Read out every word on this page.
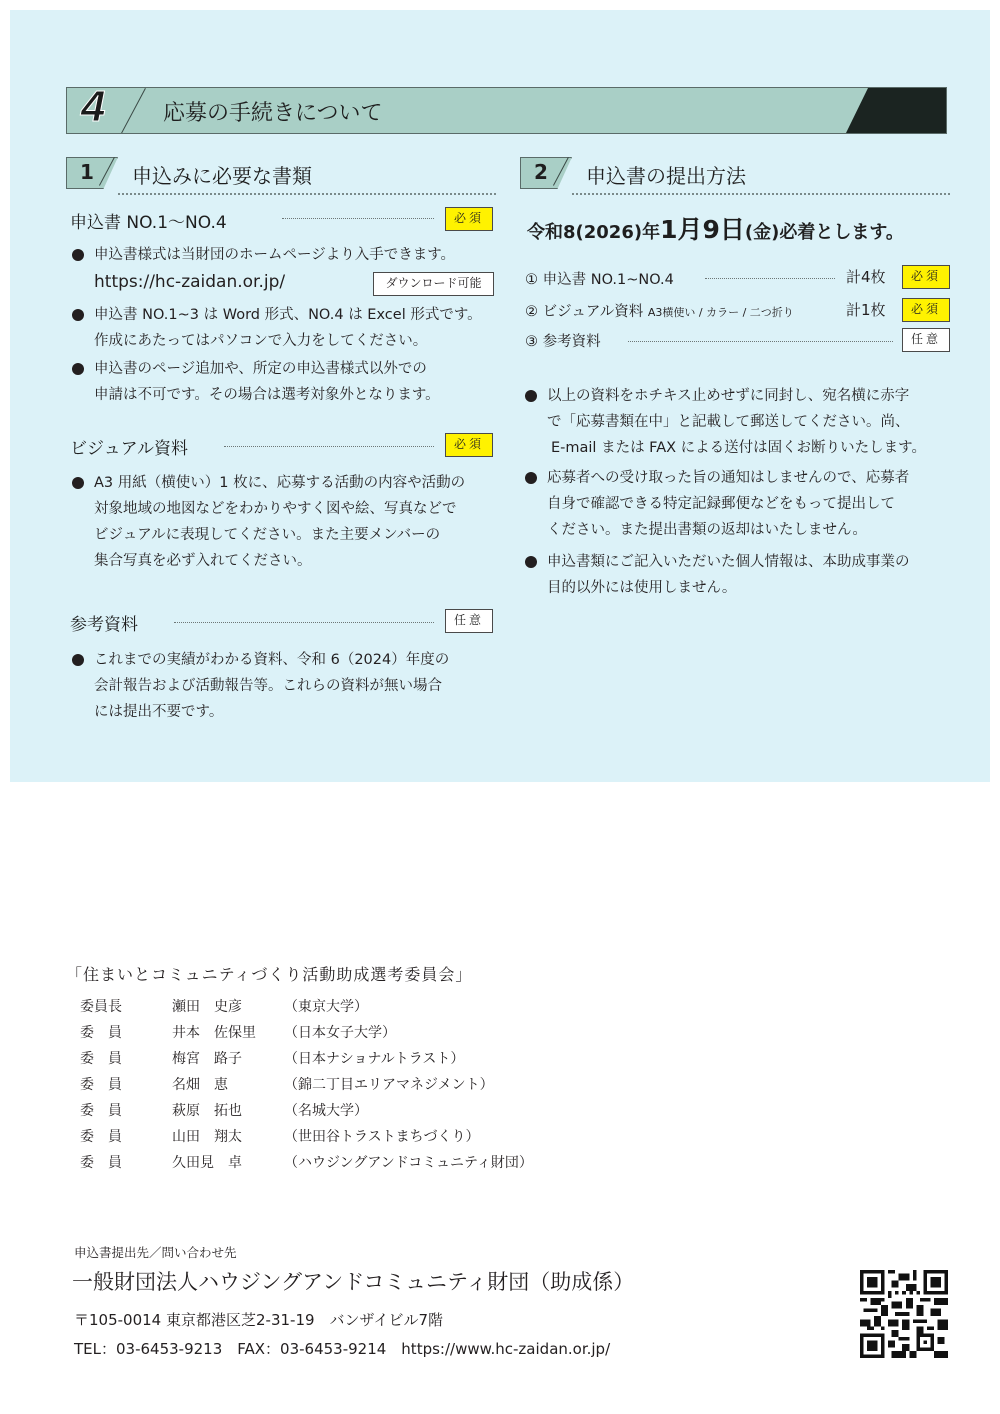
4	応募の手続きについて
1 申込みに必要な書類	2 申込書の提出方法
申込書 NO.1〜NO.4	必須
申込書様式は当財団のホームページより入手できます。
https://hc-zaidan.or.jp/	ダウンロード可能
申込書 NO.1~3 は Word 形式、NO.4 は Excel 形式です。
作成にあたってはパソコンで入力をしてください。
申込書のページ追加や、所定の申込書様式以外での
申請は不可です。その場合は選考対象外となります。
ビジュアル資料	必須
A3 用紙（横使い）1 枚に、応募する活動の内容や活動の
対象地域の地図などをわかりやすく図や絵、写真などで
ビジュアルに表現してください。また主要メンバーの
集合写真を必ず入れてください。
参考資料	任意
これまでの実績がわかる資料、令和 6（2024）年度の
会計報告および活動報告等。これらの資料が無い場合
には提出不要です。
令和8(2026)年1月9日(金)必着とします。
① 申込書 NO.1~NO.4	計4枚	必須
② ビジュアル資料 A3横使い / カラー / 二つ折り	計1枚	必須
③ 参考資料	任意
以上の資料をホチキス止めせずに同封し、宛名横に赤字
で「応募書類在中」と記載して郵送してください。尚、
E-mail または FAX による送付は固くお断りいたします。
応募者への受け取った旨の通知はしませんので、応募者
自身で確認できる特定記録郵便などをもって提出して
ください。また提出書類の返却はいたしません。
申込書類にご記入いただいた個人情報は、本助成事業の
目的以外には使用しません。
「住まいとコミュニティづくり活動助成選考委員会」
委員長	瀬田　史彦	（東京大学）
委　員	井本　佐保里 （日本女子大学）
委　員	梅宮　路子	（日本ナショナルトラスト）
委　員	名畑　恵	（錦二丁目エリアマネジメント）
委　員	萩原　拓也	（名城大学）
委　員	山田　翔太	（世田谷トラストまちづくり）
委　員	久田見　卓	（ハウジングアンドコミュニティ財団）
申込書提出先／問い合わせ先
一般財団法人ハウジングアンドコミュニティ財団（助成係）
〒105-0014 東京都港区芝2-31-19　バンザイビル7階
TEL：03-6453-9213　FAX：03-6453-9214　https://www.hc-zaidan.or.jp/
